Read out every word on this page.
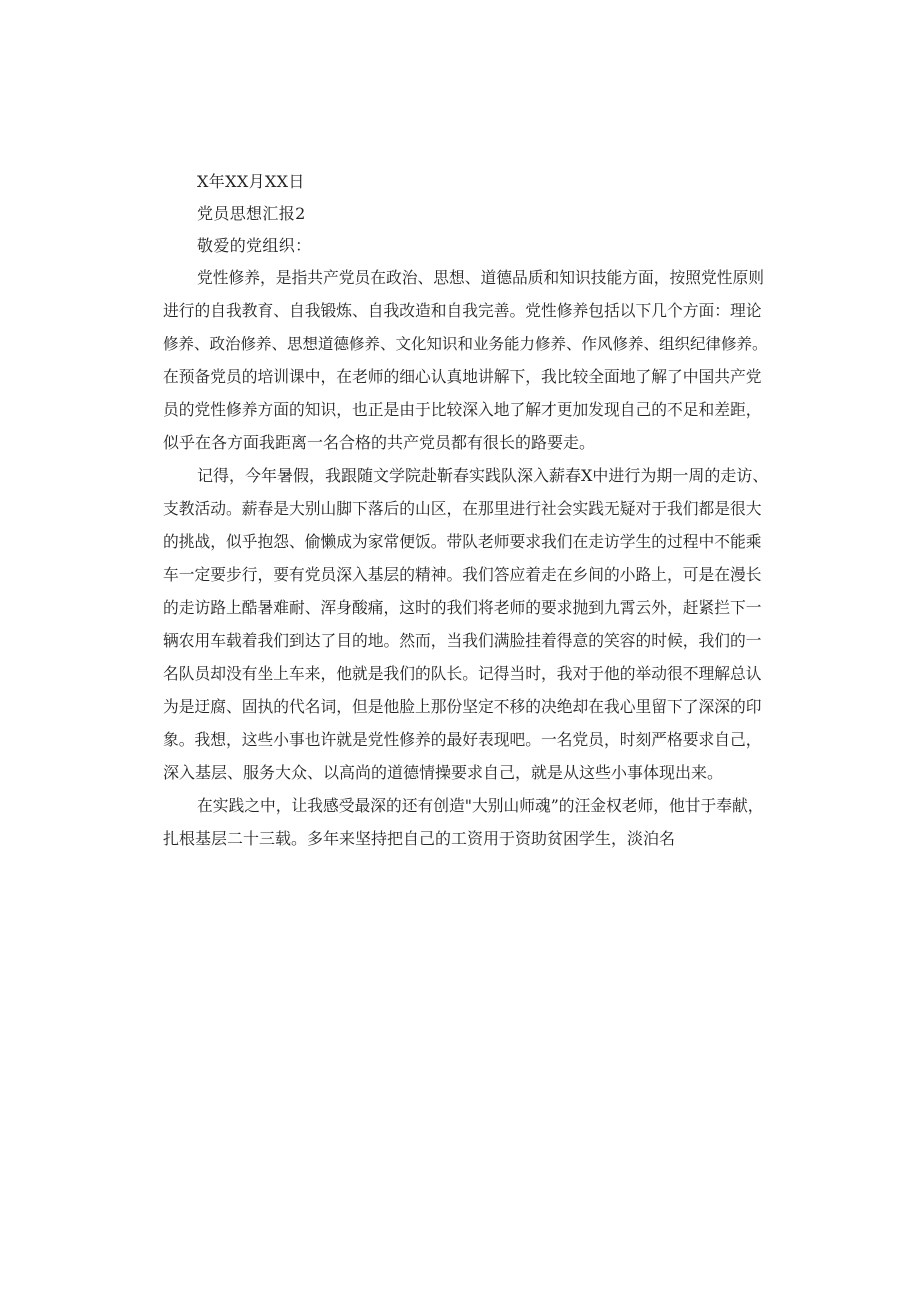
X年XX月XX日
党员思想汇报2
敬爱的党组织：
党性修养，是指共产党员在政治、思想、道德品质和知识技能方面，按照党性原则
进行的自我教育、自我锻炼、自我改造和自我完善。党性修养包括以下几个方面：理论
修养、政治修养、思想道德修养、文化知识和业务能力修养、作风修养、组织纪律修养。
在预备党员的培训课中，在老师的细心认真地讲解下，我比较全面地了解了中国共产党
员的党性修养方面的知识，也正是由于比较深入地了解才更加发现自己的不足和差距，
似乎在各方面我距离一名合格的共产党员都有很长的路要走。
记得，今年暑假，我跟随文学院赴靳春实践队深入薪春X中进行为期一周的走访、
支教活动。薪春是大别山脚下落后的山区，在那里进行社会实践无疑对于我们都是很大
的挑战，似乎抱怨、偷懒成为家常便饭。带队老师要求我们在走访学生的过程中不能乘
车一定要步行，要有党员深入基层的精神。我们答应着走在乡间的小路上，可是在漫长
的走访路上酷暑难耐、浑身酸痛，这时的我们将老师的要求抛到九霄云外，赶紧拦下一
辆农用车载着我们到达了目的地。然而，当我们满脸挂着得意的笑容的时候，我们的一
名队员却没有坐上车来，他就是我们的队长。记得当时，我对于他的举动很不理解总认
为是迂腐、固执的代名词，但是他脸上那份坚定不移的决绝却在我心里留下了深深的印
象。我想，这些小事也许就是党性修养的最好表现吧。一名党员，时刻严格要求自己，
深入基层、服务大众、以高尚的道德情操要求自己，就是从这些小事体现出来。
在实践之中，让我感受最深的还有创造"大别山师魂”的汪金权老师，他甘于奉献，
扎根基层二十三载。多年来坚持把自己的工资用于资助贫困学生，淡泊名
